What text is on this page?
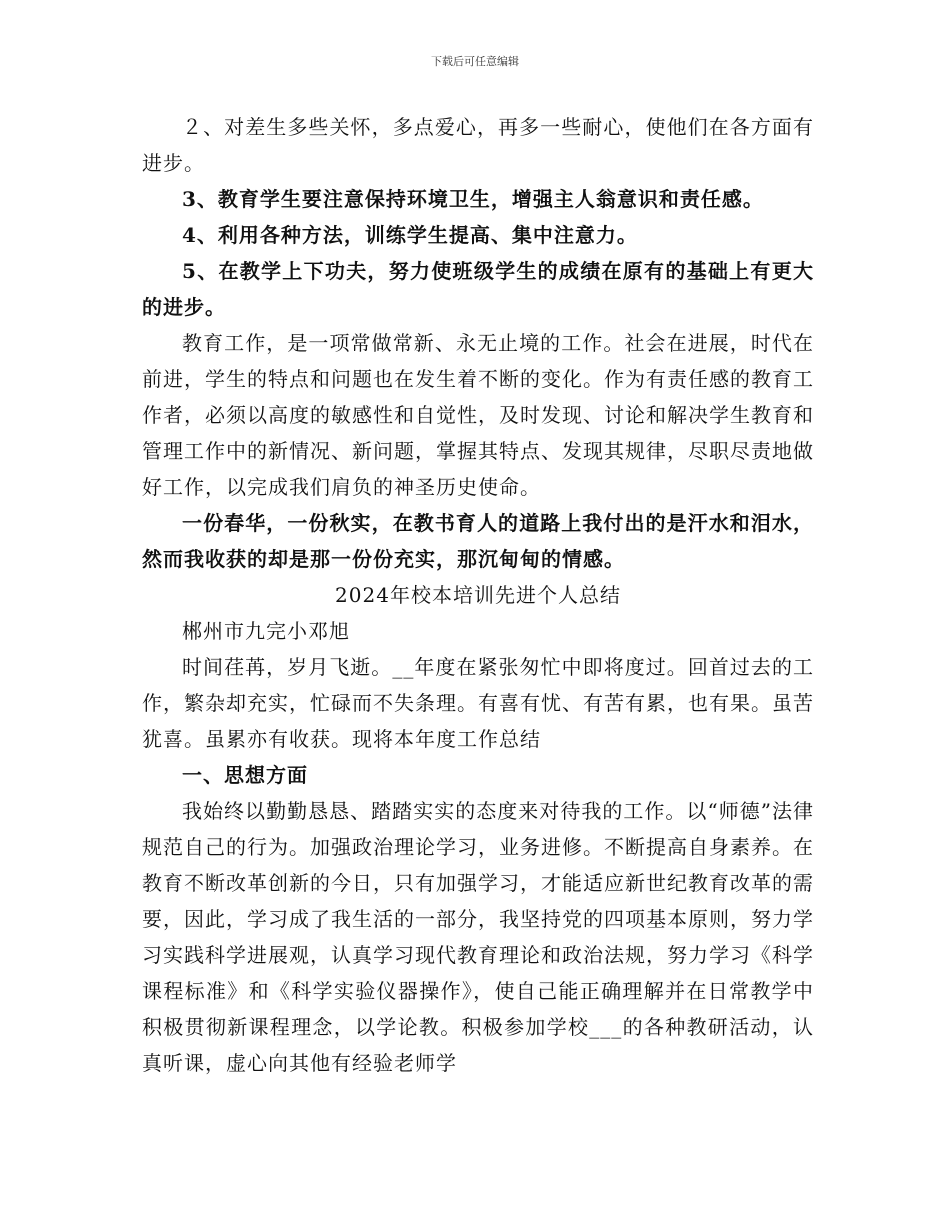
下载后可任意编辑

２、对差生多些关怀，多点爱心，再多一些耐心，使他们在各方面有进步。

3、教育学生要注意保持环境卫生，增强主人翁意识和责任感。

4、利用各种方法，训练学生提高、集中注意力。

5、在教学上下功夫，努力使班级学生的成绩在原有的基础上有更大的进步。

教育工作，是一项常做常新、永无止境的工作。社会在进展，时代在前进，学生的特点和问题也在发生着不断的变化。作为有责任感的教育工作者，必须以高度的敏感性和自觉性，及时发现、讨论和解决学生教育和管理工作中的新情况、新问题，掌握其特点、发现其规律，尽职尽责地做好工作，以完成我们肩负的神圣历史使命。

一份春华，一份秋实，在教书育人的道路上我付出的是汗水和泪水，然而我收获的却是那一份份充实，那沉甸甸的情感。

2024年校本培训先进个人总结

郴州市九完小邓旭

时间荏苒，岁月飞逝。__年度在紧张匆忙中即将度过。回首过去的工作，繁杂却充实，忙碌而不失条理。有喜有忧、有苦有累，也有果。虽苦犹喜。虽累亦有收获。现将本年度工作总结

一、思想方面

我始终以勤勤恳恳、踏踏实实的态度来对待我的工作。以“师德”法律规范自己的行为。加强政治理论学习，业务进修。不断提高自身素养。在教育不断改革创新的今日，只有加强学习，才能适应新世纪教育改革的需要，因此，学习成了我生活的一部分，我坚持党的四项基本原则，努力学习实践科学进展观，认真学习现代教育理论和政治法规，努力学习《科学课程标准》和《科学实验仪器操作》，使自己能正确理解并在日常教学中积极贯彻新课程理念，以学论教。积极参加学校___的各种教研活动，认真听课，虚心向其他有经验老师学
